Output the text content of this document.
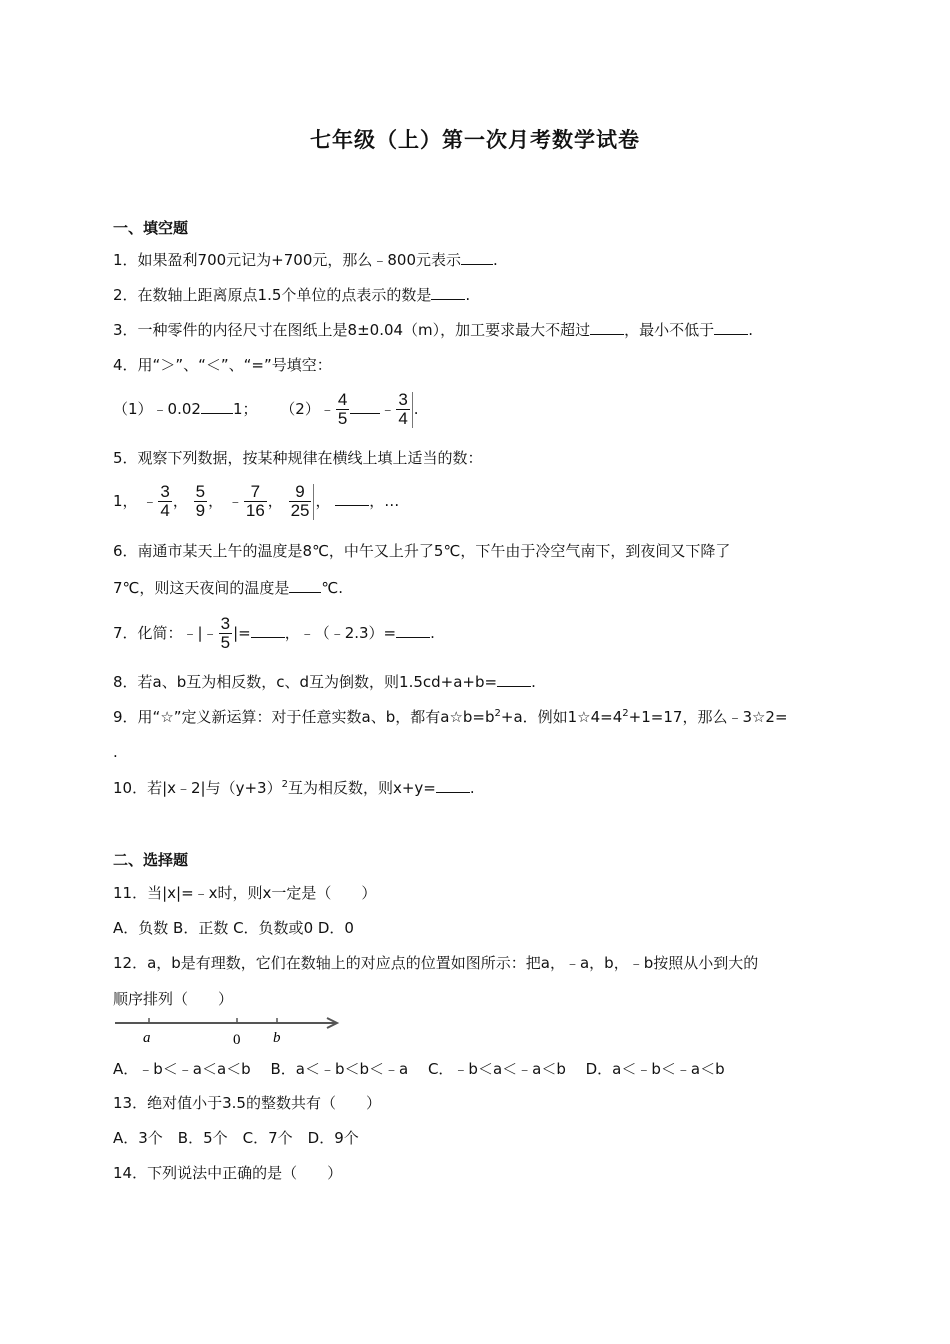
七年级（上）第一次月考数学试卷
一、填空题
1．如果盈利700元记为+700元，那么﹣800元表示 .
2．在数轴上距离原点1.5个单位的点表示的数是 .
3．一种零件的内径尺寸在图纸上是8±0.04（m），加工要求最大不超过 ，最小不低于 .
4．用“＞”、“＜”、“=”号填空：
（1）﹣0.02 1； （2）﹣ $\frac{4}{5}$ ﹣ $\frac{3}{4}$ .
5．观察下列数据，按某种规律在横线上填上适当的数：
1， ﹣ $\frac{3}{4}$ ， $\frac{5}{9}$ ， ﹣ $\frac{7}{16}$ ， $\frac{9}{25}$ ， ，…
6．南通市某天上午的温度是8℃，中午又上升了5℃，下午由于冷空气南下，到夜间又下降了
7℃，则这天夜间的温度是 ℃.
7．化简：﹣|﹣ $\frac{3}{5}$ |= ，﹣（﹣2.3）= .
8．若a、b互为相反数，c、d互为倒数，则1.5cd+a+b= .
9．用“☆”定义新运算：对于任意实数a、b，都有$a☆b=b^2+a$．例如$1☆4=4^2+1=17$，那么﹣3☆2=
.
10．若|x﹣2|与$(y+3)^2$互为相反数，则x+y= .
二、选择题
11．当|x|=﹣x时，则x一定是（　　）
A．负数 B．正数 C．负数或0 D．0
12．a，b是有理数，它们在数轴上的对应点的位置如图所示：把a，﹣a，b，﹣b按照从小到大的
顺序排列（　　）
a	0 b
A．﹣b＜﹣a＜a＜b　 B．a＜﹣b＜b＜﹣a　 C．﹣b＜a＜﹣a＜b　 D．a＜﹣b＜﹣a＜b
13．绝对值小于3.5的整数共有（　　）
A．3个　B．5个　C．7个　D．9个
14．下列说法中正确的是（　　）
